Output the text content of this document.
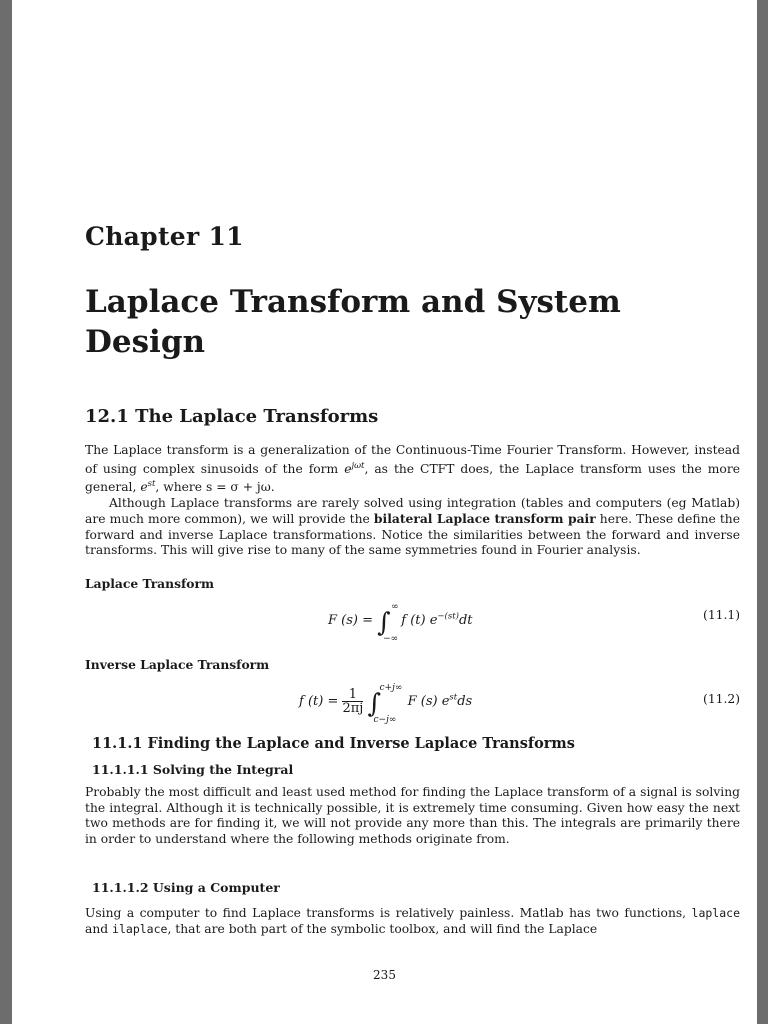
Chapter 11
Laplace Transform and System Design
12.1 The Laplace Transforms

The Laplace transform is a generalization of the Continuous-Time Fourier Transform. However, instead of using complex sinusoids of the form $e^{j\omega t}$, as the CTFT does, the Laplace transform uses the more general, $e^{st}$, where s = σ + jω.

Although Laplace transforms are rarely solved using integration (tables and computers (eg Matlab) are much more common), we will provide the bilateral Laplace transform pair here. These define the forward and inverse Laplace transformations. Notice the similarities between the forward and inverse transforms. This will give rise to many of the same symmetries found in Fourier analysis.

Laplace Transform
F (s) = ∫
∞
−∞
f (t) $e^{-(st)}dt$	(11.1)
Inverse Laplace Transform
f $(t) = \frac{1}{2\pi j}$ ∫
c+j∞
c−j∞
F (s) $e^{st}ds$	(11.2)
11.1.1 Finding the Laplace and Inverse Laplace Transforms
11.1.1.1 Solving the Integral

Probably the most difficult and least used method for finding the Laplace transform of a signal is solving the integral. Although it is technically possible, it is extremely time consuming. Given how easy the next two methods are for finding it, we will not provide any more than this. The integrals are primarily there in order to understand where the following methods originate from.

11.1.1.2 Using a Computer

Using a computer to find Laplace transforms is relatively painless. Matlab has two functions, laplace and ilaplace, that are both part of the symbolic toolbox, and will find the Laplace

235
